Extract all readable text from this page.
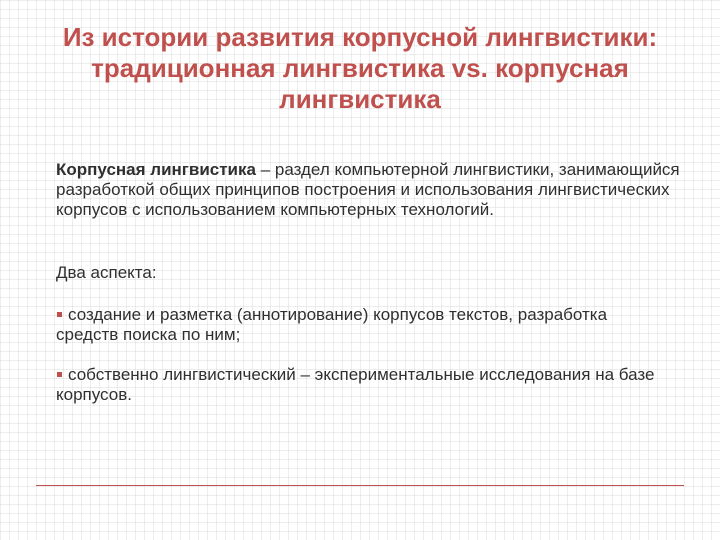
Из истории развития корпусной лингвистики: традиционная лингвистика vs. корпусная лингвистика

Корпусная лингвистика – раздел компьютерной лингвистики, занимающийся разработкой общих принципов построения и использования лингвистических корпусов с использованием компьютерных технологий.

Два аспекта:

создание и разметка (аннотирование) корпусов текстов, разработка средств поиска по ним;

собственно лингвистический – экспериментальные исследования на базе корпусов.
